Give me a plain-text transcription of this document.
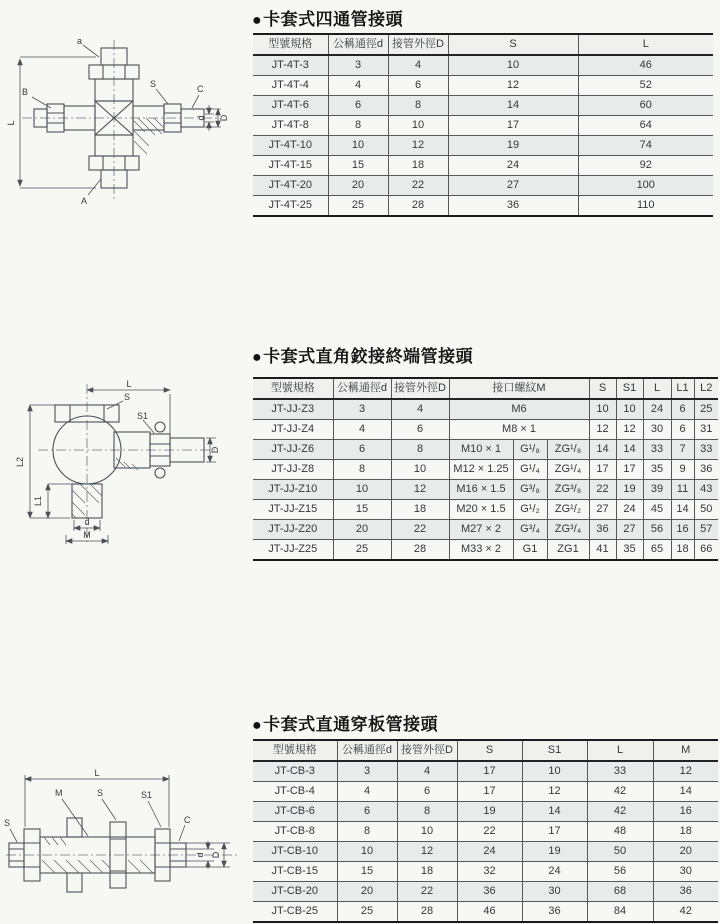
●卡套式四通管接頭
a
B
S	C
A
L
d D
型號規格	公稱通徑d	接管外徑D	S	L
JT-4T-3	3	4	10	46
JT-4T-4	4	6	12	52
JT-4T-6	6	8	14	60
JT-4T-8	8	10	17	64
JT-4T-10	10	12	19	74
JT-4T-15	15	18	24	92
JT-4T-20	20	22	27	100
JT-4T-25	25	28	36	110
●卡套式直角鉸接終端管接頭
L
S
S1
D
L2
L1
d
M
型號規格	公稱通徑d	接管外徑D	接口螺紋M			S	S1	L	L1	L2
JT-JJ-Z3	3	4	M6			10	10	24	6	25
JT-JJ-Z4	4	6	M8 × 1			12	12	30	6	31
JT-JJ-Z6	6	8	M10 × 1	G¹/₈	ZG¹/₈	14	14	33	7	33
JT-JJ-Z8	8	10	M12 × 1.25	G¹/₄	ZG¹/₄	17	17	35	9	36
JT-JJ-Z10	10	12	M16 × 1.5	G³/₈	ZG³/₈	22	19	39	11	43
JT-JJ-Z15	15	18	M20 × 1.5	G¹/₂	ZG¹/₂	27	24	45	14	50
JT-JJ-Z20	20	22	M27 × 2	G³/₄	ZG³/₄	36	27	56	16	57
JT-JJ-Z25	25	28	M33 × 2	G1	ZG1	41	35	65	18	66
●卡套式直通穿板管接頭
L
M	S	S1
C
S
d D
型號規格	公稱通徑d	接管外徑D	S	S1	L	M
JT-CB-3	3	4	17	10	33	12
JT-CB-4	4	6	17	12	42	14
JT-CB-6	6	8	19	14	42	16
JT-CB-8	8	10	22	17	48	18
JT-CB-10	10	12	24	19	50	20
JT-CB-15	15	18	32	24	56	30
JT-CB-20	20	22	36	30	68	36
JT-CB-25	25	28	46	36	84	42
